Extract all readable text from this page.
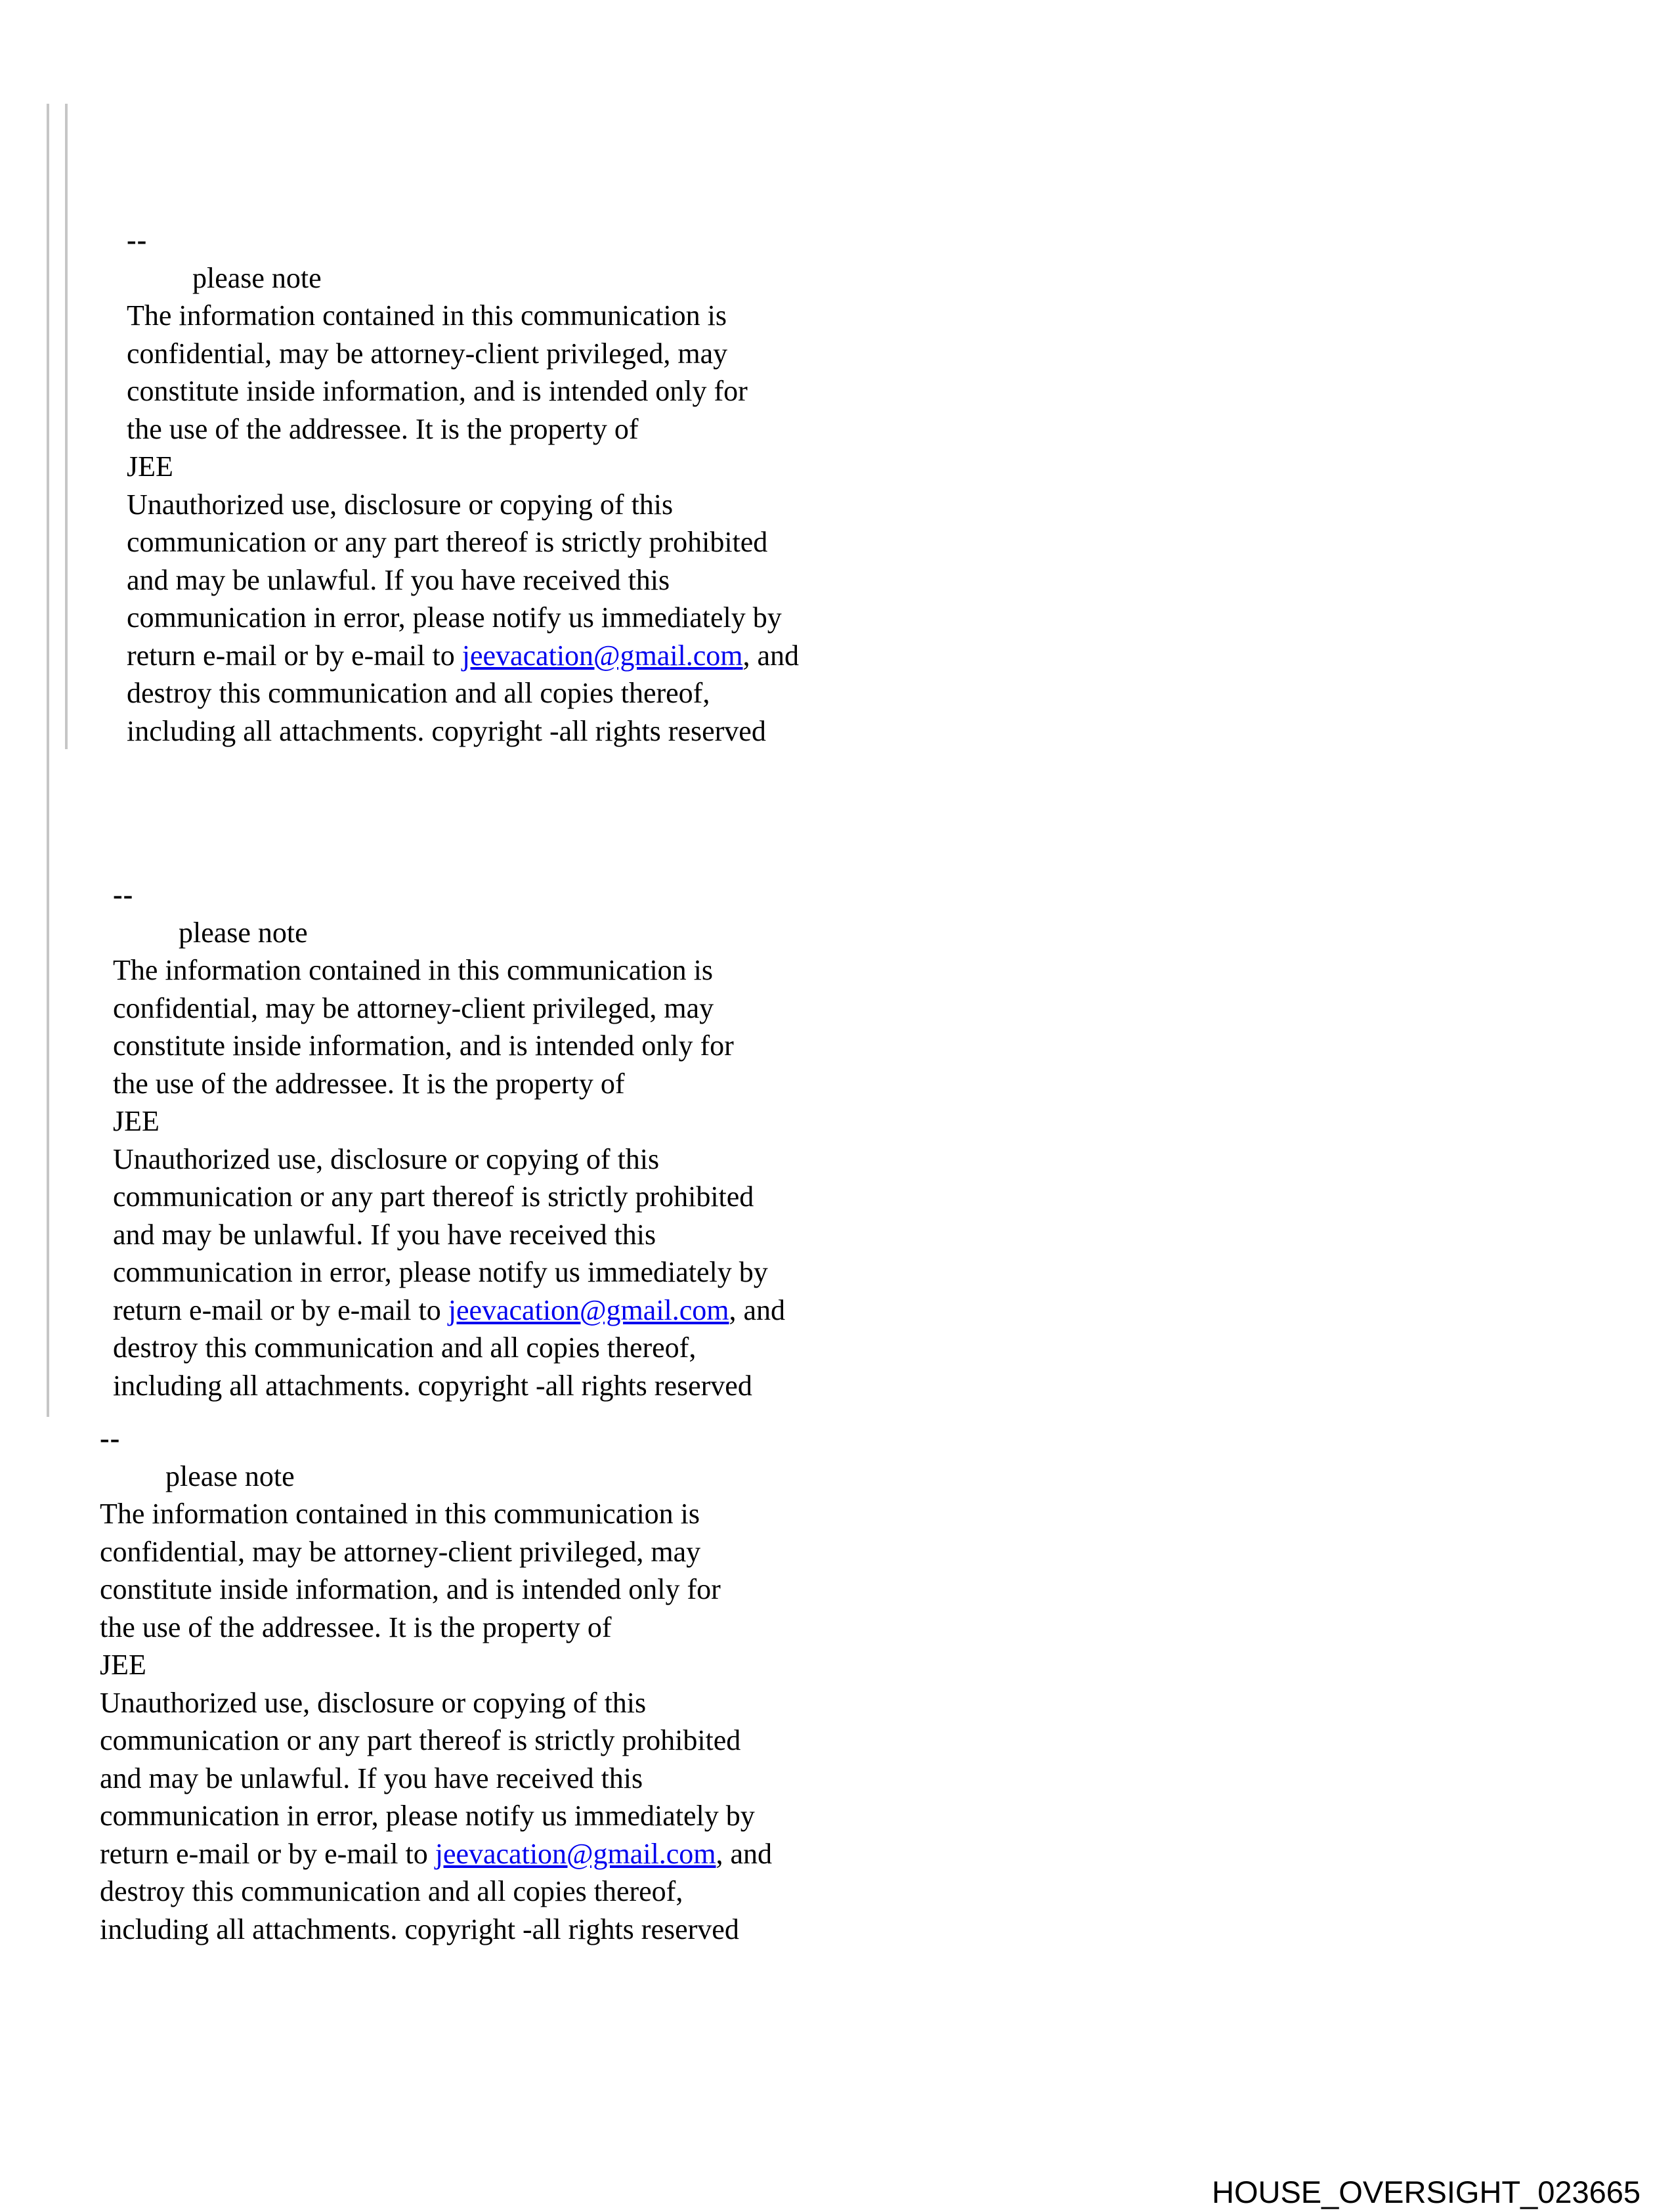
--
please note
The information contained in this communication is
confidential, may be attorney-client privileged, may
constitute inside information, and is intended only for
the use of the addressee. It is the property of
JEE
Unauthorized use, disclosure or copying of this
communication or any part thereof is strictly prohibited
and may be unlawful. If you have received this
communication in error, please notify us immediately by
return e-mail or by e-mail to jeevacation@gmail.com, and
destroy this communication and all copies thereof,
including all attachments. copyright -all rights reserved
--
please note
The information contained in this communication is
confidential, may be attorney-client privileged, may
constitute inside information, and is intended only for
the use of the addressee. It is the property of
JEE
Unauthorized use, disclosure or copying of this
communication or any part thereof is strictly prohibited
and may be unlawful. If you have received this
communication in error, please notify us immediately by
return e-mail or by e-mail to jeevacation@gmail.com, and
destroy this communication and all copies thereof,
including all attachments. copyright -all rights reserved
--
please note
The information contained in this communication is
confidential, may be attorney-client privileged, may
constitute inside information, and is intended only for
the use of the addressee. It is the property of
JEE
Unauthorized use, disclosure or copying of this
communication or any part thereof is strictly prohibited
and may be unlawful. If you have received this
communication in error, please notify us immediately by
return e-mail or by e-mail to jeevacation@gmail.com, and
destroy this communication and all copies thereof,
including all attachments. copyright -all rights reserved
HOUSE_OVERSIGHT_023665
